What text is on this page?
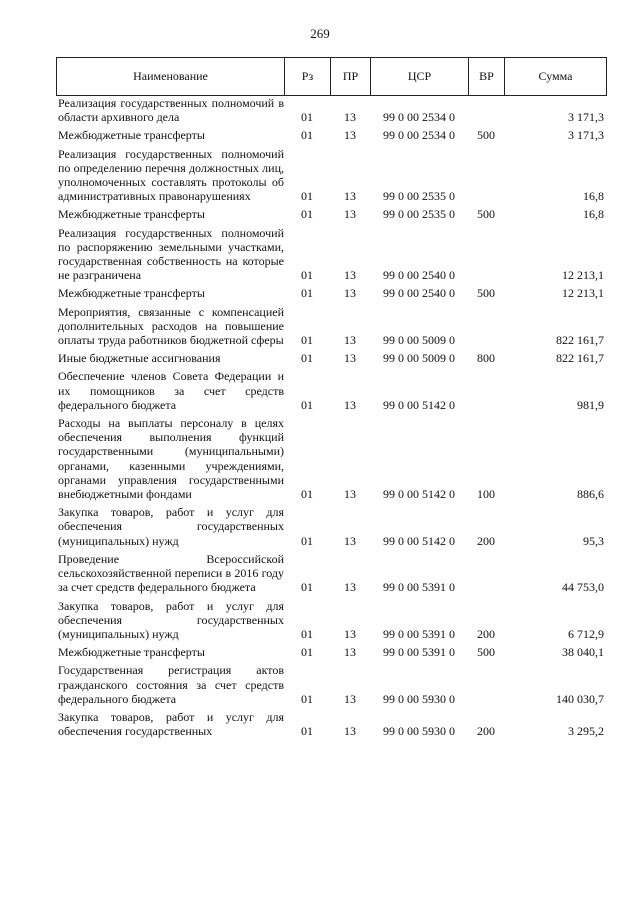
269
Наименование	Рз	ПР	ЦСР	ВР	Сумма
Реализация государственных полномочий в области архивного дела	01	13	99 0 00 2534 0		3 171,3
Межбюджетные трансферты	01	13	99 0 00 2534 0	500	3 171,3
Реализация государственных полномочий по определению перечня должностных лиц, уполномоченных составлять протоколы об административных правонарушениях	01	13	99 0 00 2535 0		16,8
Межбюджетные трансферты	01	13	99 0 00 2535 0	500	16,8
Реализация государственных полномочий по распоряжению земельными участками, государственная собственность на которые не разграничена	01	13	99 0 00 2540 0		12 213,1
Межбюджетные трансферты	01	13	99 0 00 2540 0	500	12 213,1
Мероприятия, связанные с компенсацией дополнительных расходов на повышение оплаты труда работников бюджетной сферы	01	13	99 0 00 5009 0		822 161,7
Иные бюджетные ассигнования	01	13	99 0 00 5009 0	800	822 161,7
Обеспечение членов Совета Федерации и их помощников за счет средств федерального бюджета	01	13	99 0 00 5142 0		981,9
Расходы на выплаты персоналу в целях обеспечения выполнения функций государственными (муниципальными) органами, казенными учреждениями, органами управления государственными внебюджетными фондами	01	13	99 0 00 5142 0	100	886,6
Закупка товаров, работ и услуг для обеспечения государственных (муниципальных) нужд	01	13	99 0 00 5142 0	200	95,3
Проведение Всероссийской сельскохозяйственной переписи в 2016 году за счет средств федерального бюджета	01	13	99 0 00 5391 0		44 753,0
Закупка товаров, работ и услуг для обеспечения государственных (муниципальных) нужд	01	13	99 0 00 5391 0	200	6 712,9
Межбюджетные трансферты	01	13	99 0 00 5391 0	500	38 040,1
Государственная регистрация актов гражданского состояния за счет средств федерального бюджета	01	13	99 0 00 5930 0		140 030,7
Закупка товаров, работ и услуг для обеспечения государственных	01	13	99 0 00 5930 0	200	3 295,2
